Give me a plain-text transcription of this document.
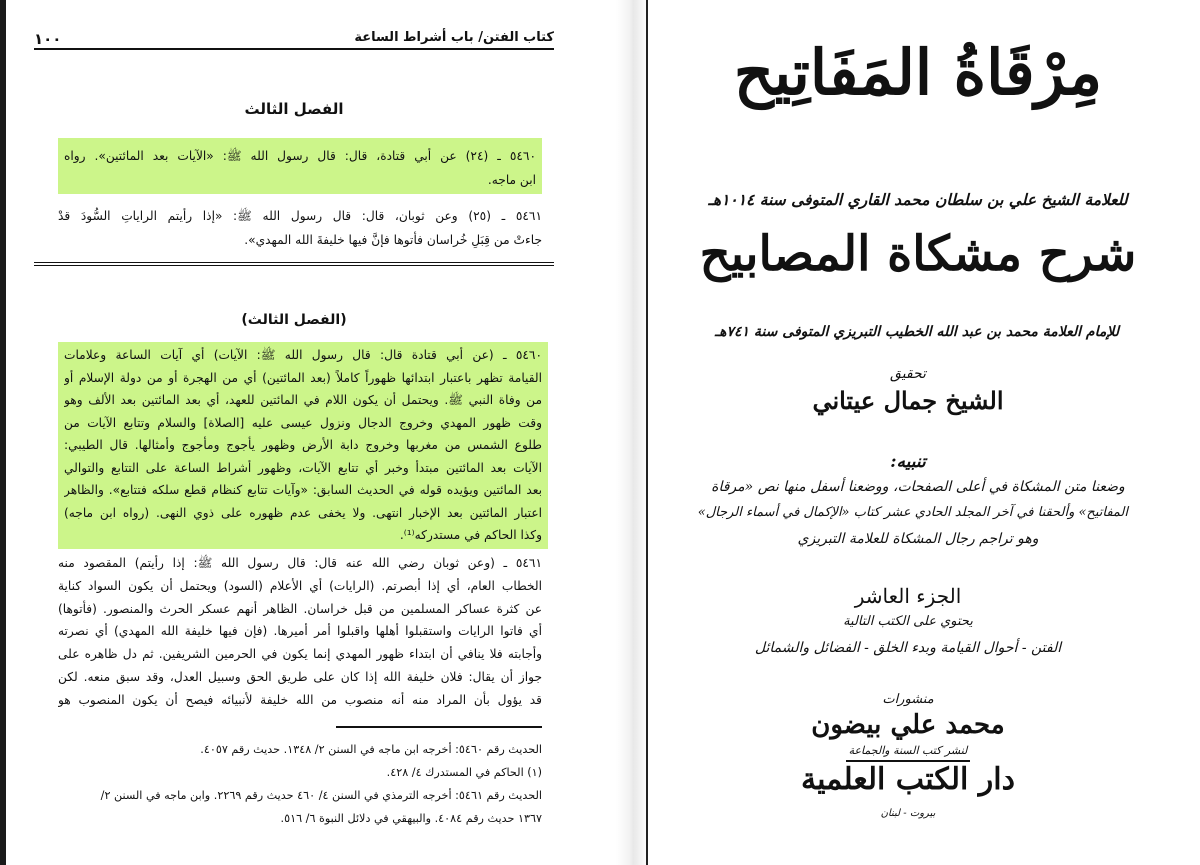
كتاب الفتن/ باب أشراط الساعة
١٠٠
الفصل الثالث
٥٤٦٠ ـ (٢٤) عن أبي قتادة، قال: قال رسول الله ﷺ: «الآيات بعد المائتين». رواه
ابن ماجه.
٥٤٦١ ـ (٢٥) وعن ثوبان، قال: قال رسول الله ﷺ: «إذا رأيتم الراياتِ السُّودَ قدْ
جاءتْ من قِبَلِ خُراسان فأتوها فإنَّ فيها خليفةَ الله المهدي».
(الفصل الثالث)
٥٤٦٠ ـ (عن أبي قتادة قال: قال رسول الله ﷺ: الآيات) أي آيات الساعة وعلامات
القيامة تظهر باعتبار ابتدائها ظهوراً كاملاً (بعد المائتين) أي من الهجرة أو من دولة الإسلام أو
من وفاة النبي ﷺ. ويحتمل أن يكون اللام في المائتين للعهد، أي بعد المائتين بعد الألف وهو
وقت ظهور المهدي وخروج الدجال ونزول عيسى عليه [الصلاة] والسلام وتتابع الآيات من
طلوع الشمس من مغربها وخروج دابة الأرض وظهور يأجوج ومأجوج وأمثالها. قال الطيبي:
الآيات بعد المائتين مبتدأ وخبر أي تتابع الآيات، وظهور أشراط الساعة على التتابع والتوالي
بعد المائتين ويؤيده قوله في الحديث السابق: «وآيات تتابع كنظام قطع سلكه فتتابع». والظاهر
اعتبار المائتين بعد الإخبار انتهى. ولا يخفى عدم ظهوره على ذوي النهى. (رواه ابن ماجه)
وكذا الحاكم في مستدركه⁽¹⁾.
٥٤٦١ ـ (وعن ثوبان رضي الله عنه قال: قال رسول الله ﷺ: إذا رأيتم) المقصود منه
الخطاب العام، أي إذا أبصرتم. (الرايات) أي الأعلام (السود) ويحتمل أن يكون السواد كناية
عن كثرة عساكر المسلمين من قبل خراسان. الظاهر أنهم عسكر الحرث والمنصور. (فأتوها)
أي فاتوا الرايات واستقبلوا أهلها واقبلوا أمر أميرها. (فإن فيها خليفة الله المهدي) أي نصرته
وأجابته فلا ينافي أن ابتداء ظهور المهدي إنما يكون في الحرمين الشريفين. ثم دل ظاهره على
جواز أن يقال: فلان خليفة الله إذا كان على طريق الحق وسبيل العدل، وقد سبق منعه. لكن
قد يؤول بأن المراد منه أنه منصوب من الله خليفة لأنبيائه فيصح أن يكون المنصوب هو
الحديث رقم ٥٤٦٠: أخرجه ابن ماجه في السنن ٢/ ١٣٤٨. حديث رقم ٤٠٥٧.
(١) الحاكم في المستدرك ٤/ ٤٢٨.
الحديث رقم ٥٤٦١: أخرجه الترمذي في السنن ٤/ ٤٦٠ حديث رقم ٢٢٦٩. وابن ماجه في السنن ٢/
١٣٦٧ حديث رقم ٤٠٨٤. والبيهقي في دلائل النبوة ٦/ ٥١٦.
مِرْقَاةُ المَفَاتِيح
للعلامة الشيخ علي بن سلطان محمد القاري المتوفى سنة ١٠١٤هـ
شرح مشكاة المصابيح
للإمام العلامة محمد بن عبد الله الخطيب التبريزي المتوفى سنة ٧٤١هـ
تحقيق
الشيخ جمال عيتاني
تنبيه:
وضعنا متن المشكاة في أعلى الصفحات، ووضعنا أسفل منها نص «مرقاة
المفاتيح» وألحقنا في آخر المجلد الحادي عشر كتاب «الإكمال في أسماء الرجال»
وهو تراجم رجال المشكاة للعلامة التبريزي
الجزء العاشر
يحتوي على الكتب التالية
الفتن - أحوال القيامة وبدء الخلق - الفضائل والشمائل
منشورات
محمد علي بيضون
لنشر كتب السنة والجماعة
دار الكتب العلمية
بيروت - لبنان
